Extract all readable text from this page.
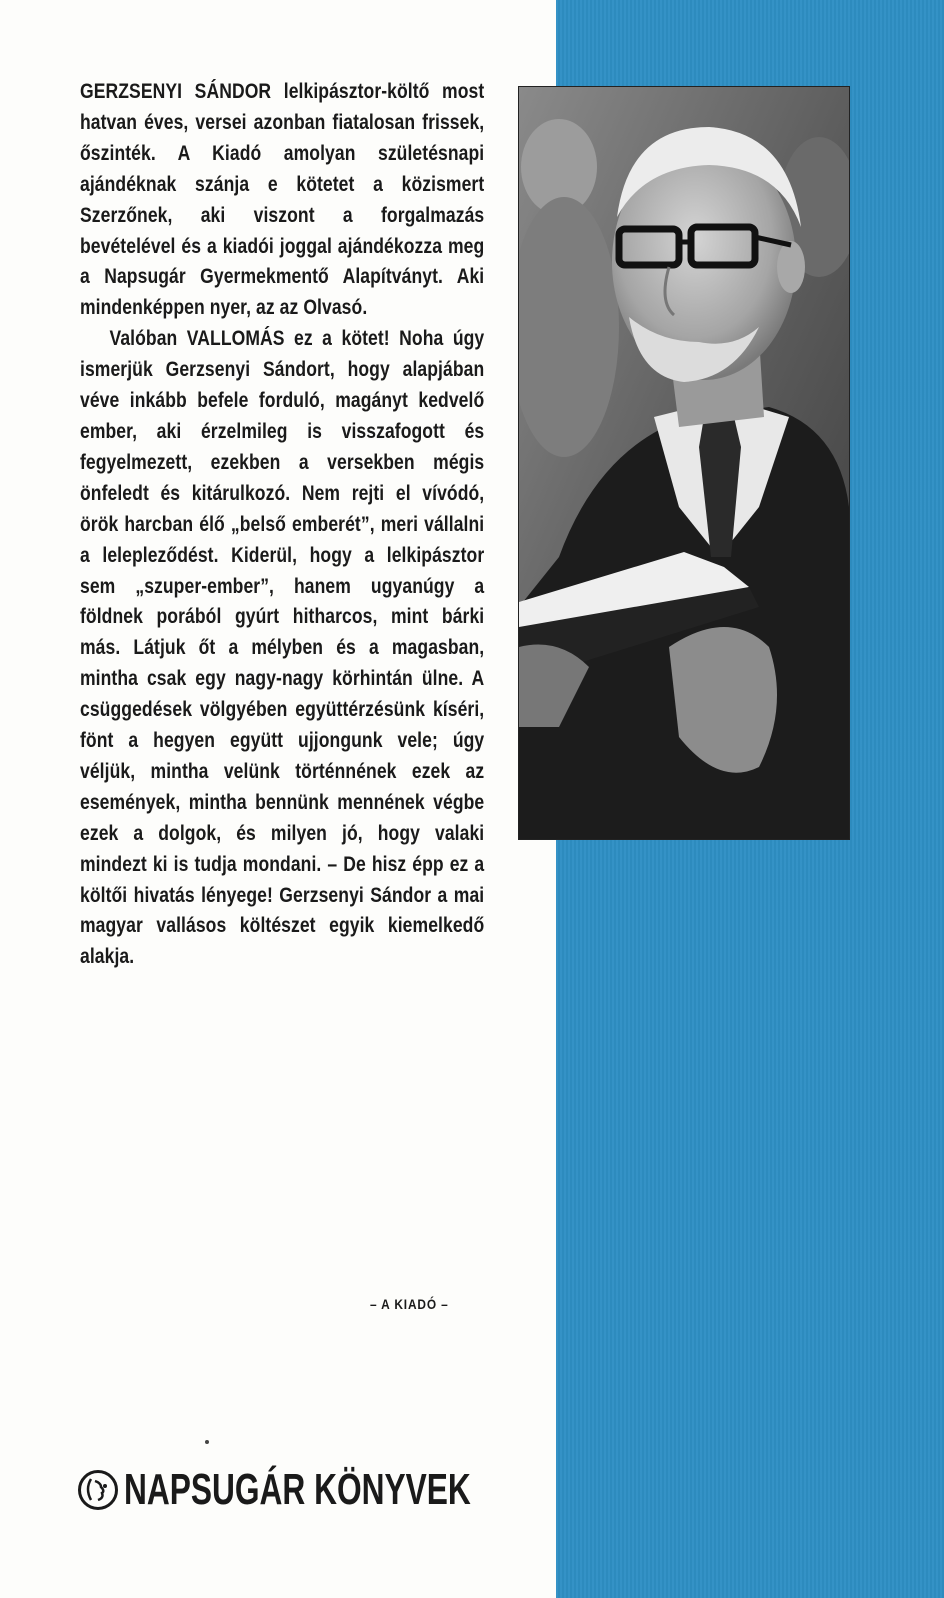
GERZSENYI SÁNDOR lelkipásztor-költő most hatvan éves, versei azonban fiatalosan frissek, őszinték. A Kiadó amolyan születésnapi ajándéknak szánja e kötetet a közismert Szerzőnek, aki viszont a forgalmazás bevételével és a kiadói joggal ajándékozza meg a Napsugár Gyermekmentő Alapítványt. Aki mindenképpen nyer, az az Olvasó.

Valóban VALLOMÁS ez a kötet! Noha úgy ismerjük Gerzsenyi Sándort, hogy alapjában véve inkább befele forduló, magányt kedvelő ember, aki érzelmileg is visszafogott és fegyelmezett, ezekben a versekben mégis önfeledt és kitárulkozó. Nem rejti el vívódó, örök harcban élő „belső emberét”, meri vállalni a lelepleződést. Kiderül, hogy a lelkipásztor sem „szuper-ember”, hanem ugyanúgy a földnek porából gyúrt hitharcos, mint bárki más. Látjuk őt a mélyben és a magasban, mintha csak egy nagy-nagy körhintán ülne. A csüggedések völgyében együttérzésünk kíséri, fönt a hegyen együtt ujjongunk vele; úgy véljük, mintha velünk történnének ezek az események, mintha bennünk mennének végbe ezek a dolgok, és milyen jó, hogy valaki mindezt ki is tudja mondani. – De hisz épp ez a költői hivatás lényege! Gerzsenyi Sándor a mai magyar vallásos költészet egyik kiemelkedő alakja.

– A KIADÓ –
NAPSUGÁR KÖNYVEK
